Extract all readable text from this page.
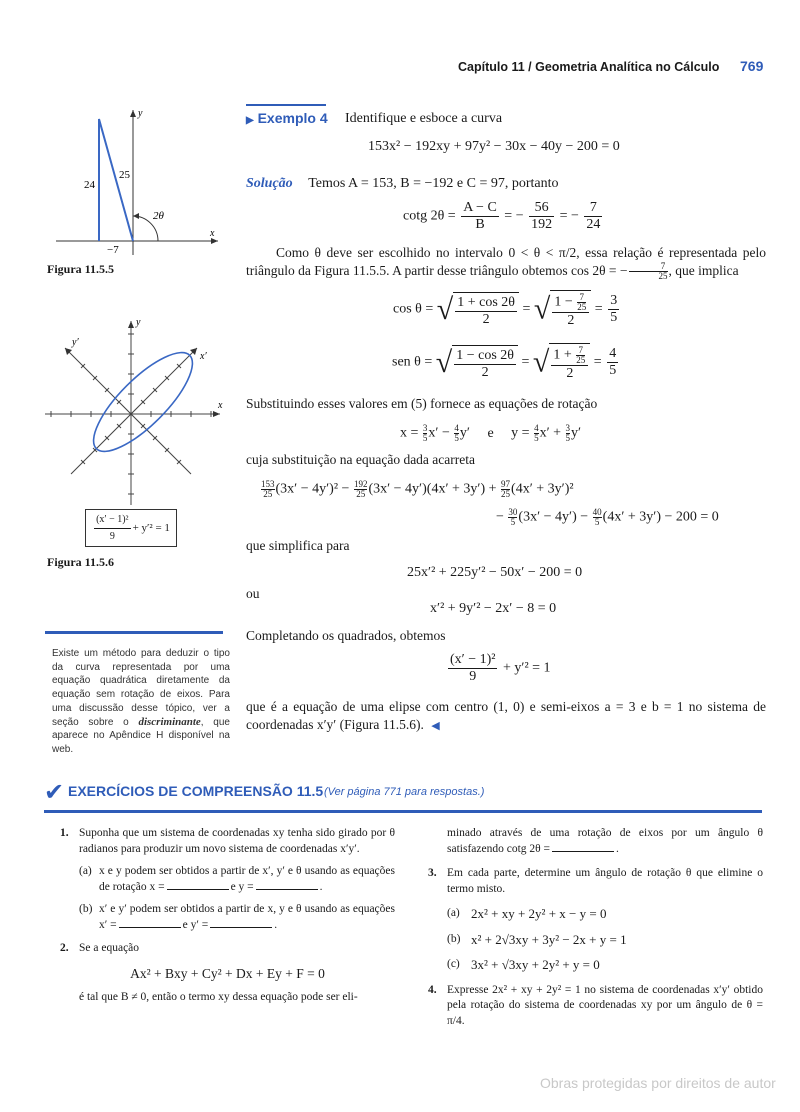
Capítulo 11 / Geometria Analítica no Cálculo 769
y
x
24
25
2θ
−7
Figura 11.5.5
y
x
y′
x′
$\frac{\text{(x′ − 1)²}}{9} + y'^2 = 1$
Figura 11.5.6
Existe um método para deduzir o tipo da curva representada por uma equação quadrática diretamente da equação sem rotação de eixos. Para uma discussão desse tópico, ver a seção sobre o discriminante, que aparece no Apêndice H disponível na web.
▶ Exemplo 4 Identifique e esboce a curva
153x² − 192xy + 97y² − 30x − 40y − 200 = 0
Solução Temos A = 153, B = −192 e C = 97, portanto
cotg $2\theta = \frac{A - C}{B}$ = − $\frac{56}{192}$ = − $\frac{7}{24}$
Como θ deve ser escolhido no intervalo 0 < θ < π/2, essa relação é representada pelo triângulo da Figura 11.5.5. A partir desse triângulo obtemos cos 2θ = − $\frac{7}{25}$ , que implica
cos θ = √ $\frac{1 + \cos 2\theta}{2}$ = √ $\frac{1 - \frac{7}{25}}{2} = \frac{3}{5}$
sen θ = √ $\frac{1 - \cos 2\theta}{2}$ = √ $\frac{1 + \frac{7}{25}}{2} = \frac{4}{5}$
Substituindo esses valores em (5) fornece as equações de rotação
$x = \frac{3}{5} x' - \frac{4}{5} y'$ e $y = \frac{4}{5} x' + \frac{3}{5} y'$
cuja substituição na equação dada acarreta
$\frac{153}{25} (3x' - 4y')^2 - \frac{192}{25} (3x' - 4y')(4x' + 3y') + \frac{97}{25} (4x' + 3y')^2$
− $\frac{30}{5} (3x' - 4y') - \frac{40}{5} (4x' + 3y') - 200 = 0$
que simplifica para
25x′² + 225y′² − 50x′ − 200 = 0
ou
x′² + 9y′² − 2x′ − 8 = 0
Completando os quadrados, obtemos
$\frac{\text{(x′ − 1)²}}{9} + y'^2 = 1$
que é a equação de uma elipse com centro (1, 0) e semi-eixos a = 3 e b = 1 no sistema de coordenadas x′y′ (Figura 11.5.6). ◀
✔ EXERCÍCIOS DE COMPREENSÃO 11.5 (Ver página 771 para respostas.)
1. Suponha que um sistema de coordenadas xy tenha sido girado por θ radianos para produzir um novo sistema de coordenadas x′y′.
(a) x e y podem ser obtidos a partir de x′, y′ e θ usando as equações de rotação x =	e y =	.
(b) x′ e y′ podem ser obtidos a partir de x, y e θ usando as equações x′ =	e y′ =	.
2. Se a equação
Ax² + Bxy + Cy² + Dx + Ey + F = 0
é tal que B ≠ 0, então o termo xy dessa equação pode ser eli-
minado através de uma rotação de eixos por um ângulo θ satisfazendo cotg 2θ =	.
3. Em cada parte, determine um ângulo de rotação θ que elimine o termo misto.
(a) 2x² + xy + 2y² + x − y = 0
(b) x² + 2√3xy + 3y² − 2x + y = 1
(c) 3x² + √3xy + 2y² + y = 0
4. Expresse 2x² + xy + 2y² = 1 no sistema de coordenadas x′y′ obtido pela rotação do sistema de coordenadas xy por um ângulo de θ = π/4.
Obras protegidas por direitos de autor
